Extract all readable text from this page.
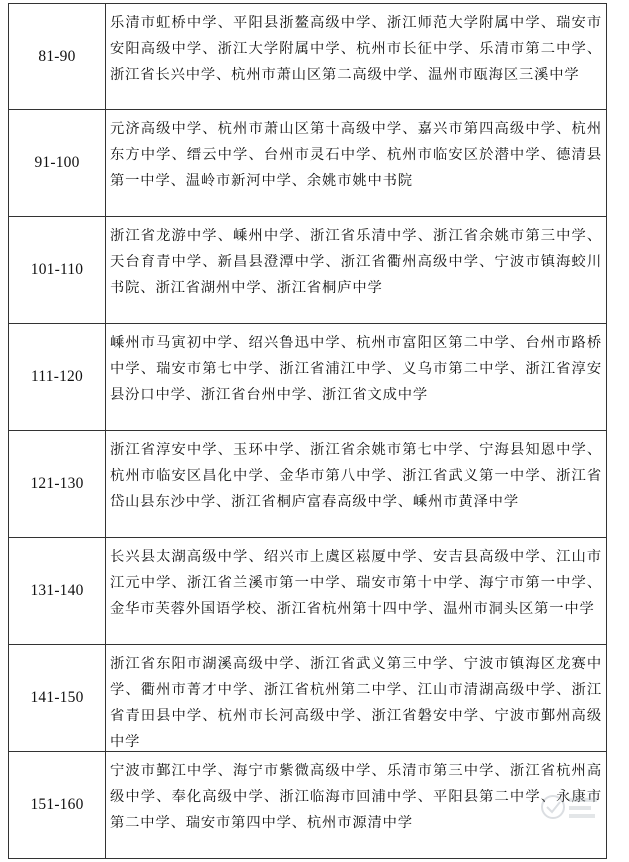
81-90
乐清市虹桥中学、平阳县浙鳌高级中学、浙江师范大学附属中学、瑞安市安阳高级中学、浙江大学附属中学、杭州市长征中学、乐清市第二中学、浙江省长兴中学、杭州市萧山区第二高级中学、温州市瓯海区三溪中学
91-100
元济高级中学、杭州市萧山区第十高级中学、嘉兴市第四高级中学、杭州东方中学、缙云中学、台州市灵石中学、杭州市临安区於潜中学、德清县第一中学、温岭市新河中学、余姚市姚中书院
101-110
浙江省龙游中学、嵊州中学、浙江省乐清中学、浙江省余姚市第三中学、天台育青中学、新昌县澄潭中学、浙江省衢州高级中学、宁波市镇海蛟川书院、浙江省湖州中学、浙江省桐庐中学
111-120
嵊州市马寅初中学、绍兴鲁迅中学、杭州市富阳区第二中学、台州市路桥中学、瑞安市第七中学、浙江省浦江中学、义乌市第二中学、浙江省淳安县汾口中学、浙江省台州中学、浙江省文成中学
121-130
浙江省淳安中学、玉环中学、浙江省余姚市第七中学、宁海县知恩中学、杭州市临安区昌化中学、金华市第八中学、浙江省武义第一中学、浙江省岱山县东沙中学、浙江省桐庐富春高级中学、嵊州市黄泽中学
131-140
长兴县太湖高级中学、绍兴市上虞区崧厦中学、安吉县高级中学、江山市江元中学、浙江省兰溪市第一中学、瑞安市第十中学、海宁市第一中学、金华市芙蓉外国语学校、浙江省杭州第十四中学、温州市洞头区第一中学
141-150
浙江省东阳市湖溪高级中学、浙江省武义第三中学、宁波市镇海区龙赛中学、衢州市菁才中学、浙江省杭州第二中学、江山市清湖高级中学、浙江省青田县中学、杭州市长河高级中学、浙江省磐安中学、宁波市鄞州高级中学
151-160
宁波市鄞江中学、海宁市紫微高级中学、乐清市第三中学、浙江省杭州高级中学、奉化高级中学、浙江临海市回浦中学、平阳县第二中学、永康市第二中学、瑞安市第四中学、杭州市源清中学
